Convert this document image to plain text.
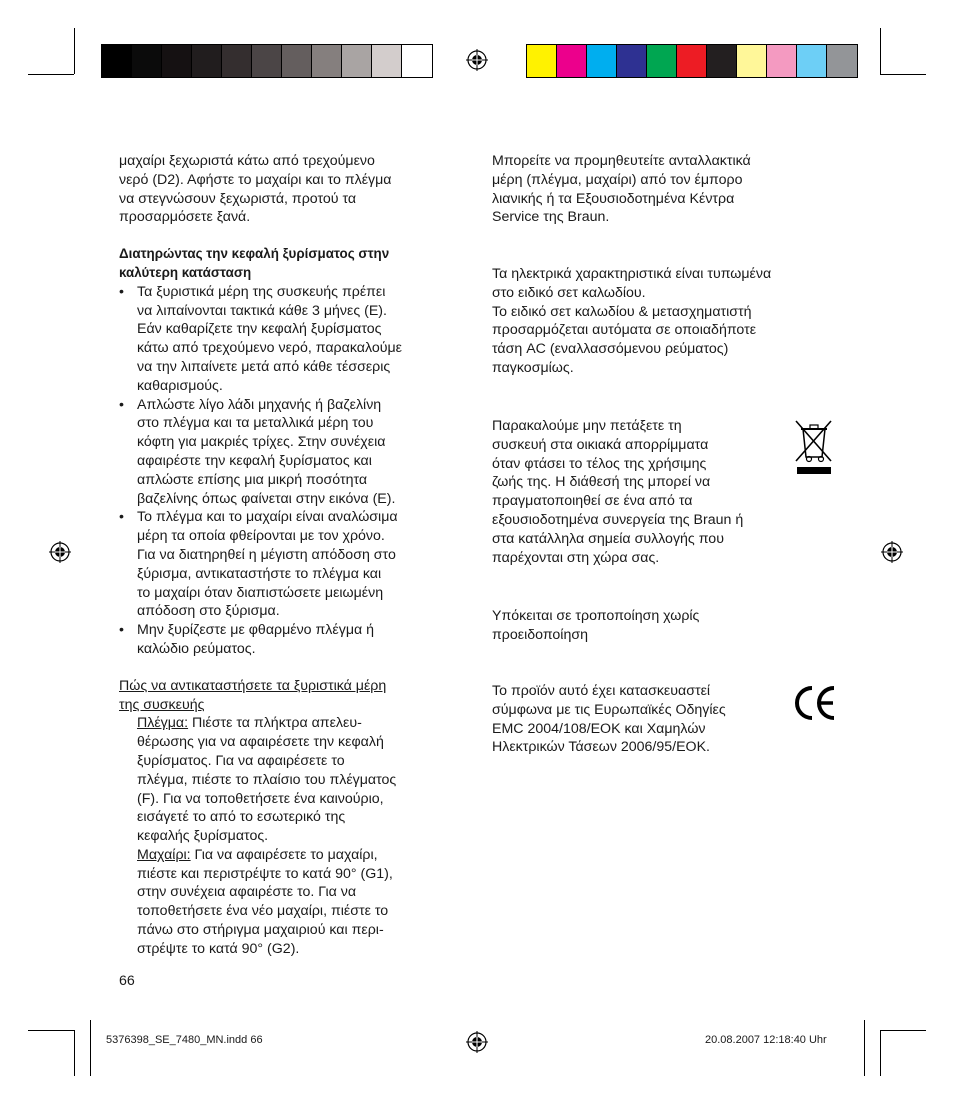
μαχαίρι ξεχωριστά κάτω από τρεχούμενο
νερό (D2). Αφήστε το μαχαίρι και το πλέγμα
να στεγνώσουν ξεχωριστά, προτού τα
προσαρμόσετε ξανά.

Διατηρώντας την κεφαλή ξυρίσματος στην
καλύτερη κατάσταση

• Τα ξυριστικά μέρη της συσκευής πρέπει
να λιπαίνονται τακτικά κάθε 3 μήνες (E).
Εάν καθαρίζετε την κεφαλή ξυρίσματος
κάτω από τρεχούμενο νερό, παρακαλούμε
να την λιπαίνετε μετά από κάθε τέσσερις
καθαρισμούς.

• Απλώστε λίγο λάδι μηχανής ή βαζελίνη
στο πλέγμα και τα μεταλλικά μέρη του
κόφτη για μακριές τρίχες. Στην συνέχεια
αφαιρέστε την κεφαλή ξυρίσματος και
απλώστε επίσης μια μικρή ποσότητα
βαζελίνης όπως φαίνεται στην εικόνα (E).

• Το πλέγμα και το μαχαίρι είναι αναλώσιμα
μέρη τα οποία φθείρονται με τον χρόνο.
Για να διατηρηθεί η μέγιστη απόδοση στο
ξύρισμα, αντικαταστήστε το πλέγμα και
το μαχαίρι όταν διαπιστώσετε μειωμένη
απόδοση στο ξύρισμα.

• Μην ξυρίζεστε με φθαρμένο πλέγμα ή
καλώδιο ρεύματος.

Πώς να αντικαταστήσετε τα ξυριστικά μέρη
της συσκευής

Πλέγμα: Πιέστε τα πλήκτρα απελευ-
θέρωσης για να αφαιρέσετε την κεφαλή
ξυρίσματος. Για να αφαιρέσετε το
πλέγμα, πιέστε το πλαίσιο του πλέγματος
(F). Για να τοποθετήσετε ένα καινούριο,
εισάγετέ το από το εσωτερικό της
κεφαλής ξυρίσματος.

Μαχαίρι: Για να αφαιρέσετε το μαχαίρι,
πιέστε και περιστρέψτε το κατά 90° (G1),
στην συνέχεια αφαιρέστε το. Για να
τοποθετήσετε ένα νέο μαχαίρι, πιέστε το
πάνω στο στήριγμα μαχαιριού και περι-
στρέψτε το κατά 90° (G2).

66

Μπορείτε να προμηθευτείτε ανταλλακτικά
μέρη (πλέγμα, μαχαίρι) από τον έμπορο
λιανικής ή τα Εξουσιοδοτημένα Κέντρα
Service της Braun.

Τα ηλεκτρικά χαρακτηριστικά είναι τυπωμένα
στο ειδικό σετ καλωδίου.
Το ειδικό σετ καλωδίου & μετασχηματιστή
προσαρμόζεται αυτόματα σε οποιαδήποτε
τάση AC (εναλλασσόμενου ρεύματος)
παγκοσμίως.

Παρακαλούμε μην πετάξετε τη
συσκευή στα οικιακά απορρίμματα
όταν φτάσει το τέλος της χρήσιμης
ζωής της. Η διάθεσή της μπορεί να
πραγματοποιηθεί σε ένα από τα
εξουσιοδοτημένα συνεργεία της Braun ή
στα κατάλληλα σημεία συλλογής που
παρέχονται στη χώρα σας.

Υπόκειται σε τροποποίηση χωρίς
προειδοποίηση

Το προϊόν αυτό έχει κατασκευαστεί
σύμφωνα με τις Ευρωπαϊκές Οδηγίες
EMC 2004/108/ΕΟΚ και Χαμηλών
Ηλεκτρικών Τάσεων 2006/95/ΕΟΚ.

5376398_SE_7480_MN.indd 66	20.08.2007 12:18:40 Uhr
